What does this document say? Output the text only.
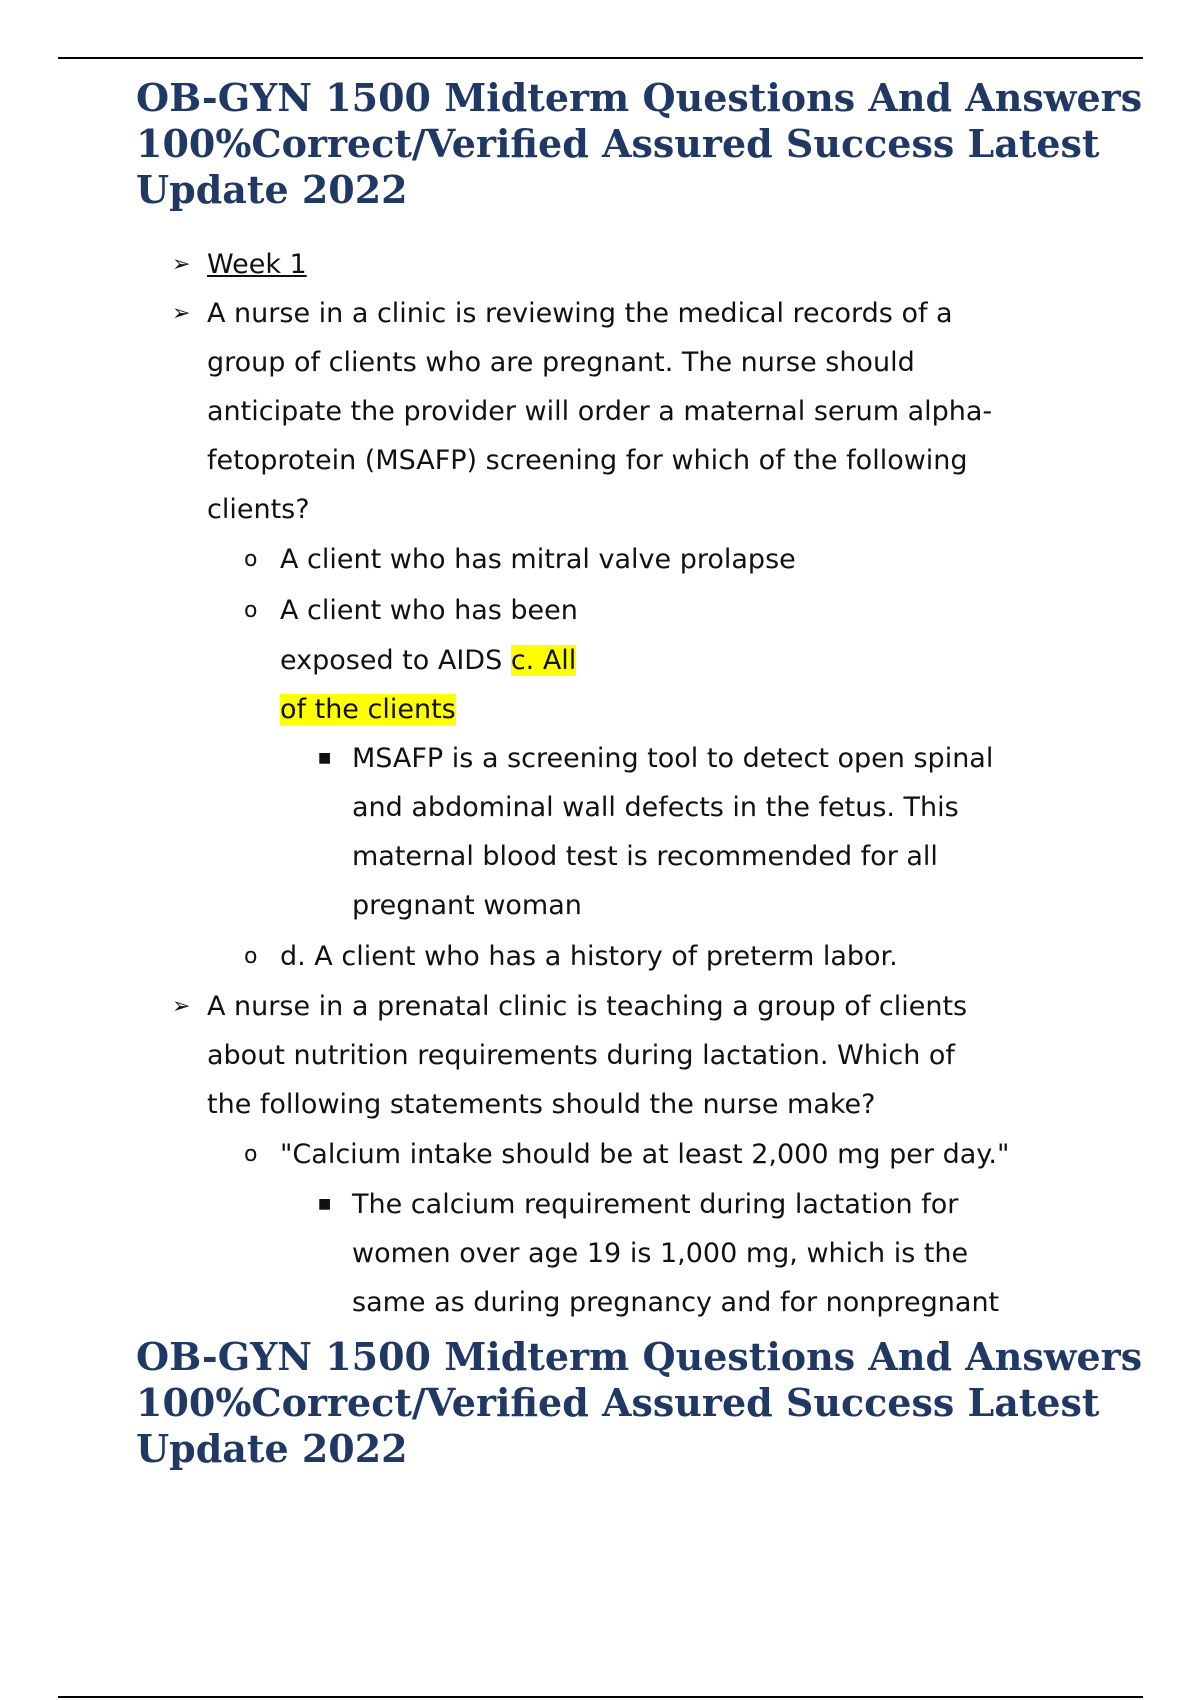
OB-GYN 1500 Midterm Questions And Answers
100%Correct/Verified Assured Success Latest
Update 2022
➢ Week 1
➢ A nurse in a clinic is reviewing the medical records of a
group of clients who are pregnant. The nurse should
anticipate the provider will order a maternal serum alpha-
fetoprotein (MSAFP) screening for which of the following
clients?
o A client who has mitral valve prolapse
o A client who has been
exposed to AIDS c. All
of the clients
■ MSAFP is a screening tool to detect open spinal
and abdominal wall defects in the fetus. This
maternal blood test is recommended for all
pregnant woman
o d. A client who has a history of preterm labor.
➢ A nurse in a prenatal clinic is teaching a group of clients
about nutrition requirements during lactation. Which of
the following statements should the nurse make?
o "Calcium intake should be at least 2,000 mg per day."
■ The calcium requirement during lactation for
women over age 19 is 1,000 mg, which is the
same as during pregnancy and for nonpregnant
OB-GYN 1500 Midterm Questions And Answers
100%Correct/Verified Assured Success Latest
Update 2022
